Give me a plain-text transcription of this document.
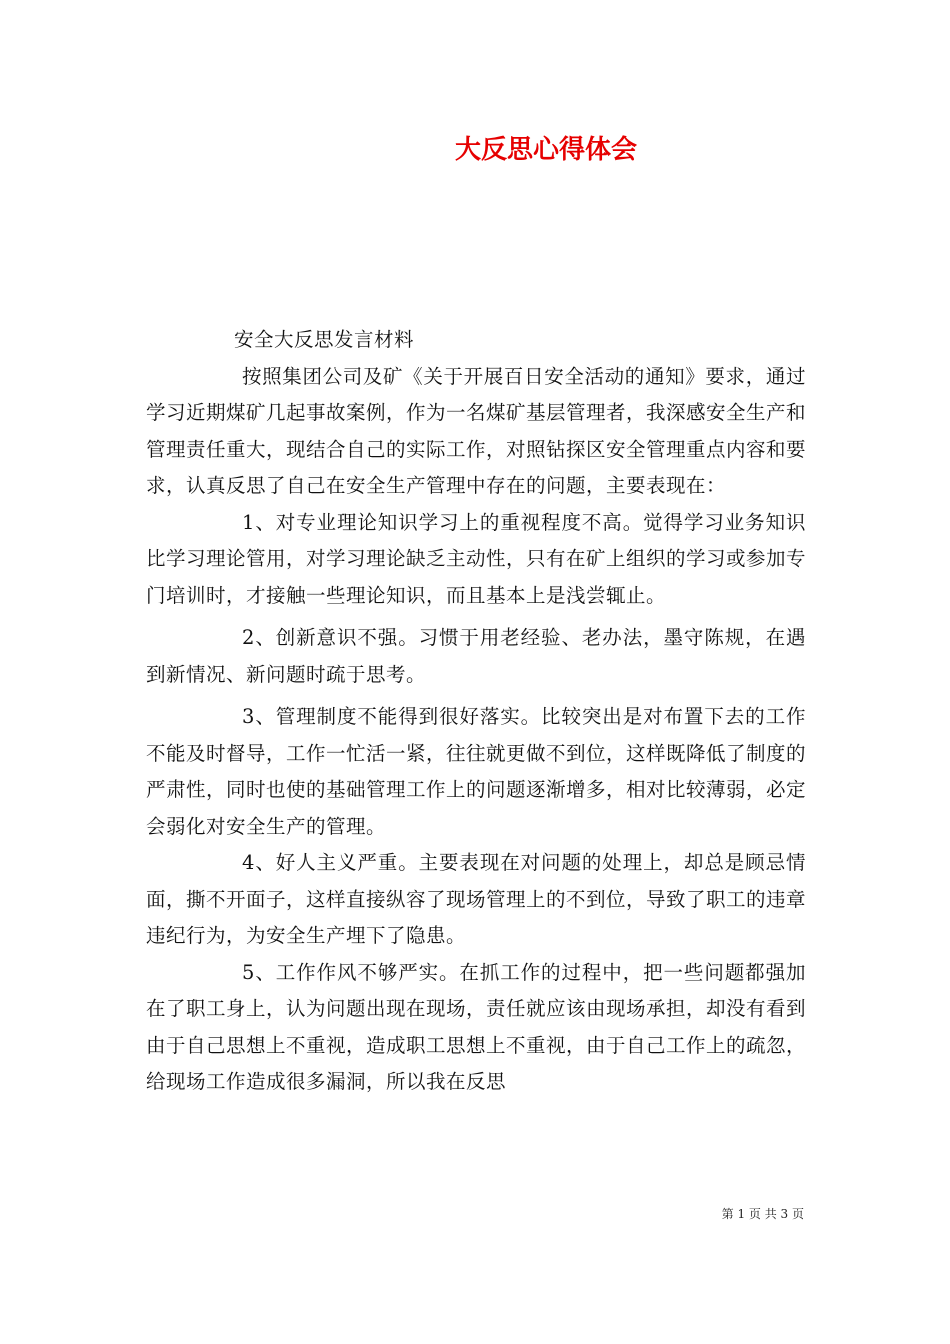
大反思心得体会

安全大反思发言材料

按照集团公司及矿《关于开展百日安全活动的通知》要求，通过学习近期煤矿几起事故案例，作为一名煤矿基层管理者，我深感安全生产和管理责任重大，现结合自己的实际工作，对照钻探区安全管理重点内容和要求，认真反思了自己在安全生产管理中存在的问题，主要表现在：

1、对专业理论知识学习上的重视程度不高。觉得学习业务知识比学习理论管用，对学习理论缺乏主动性，只有在矿上组织的学习或参加专门培训时，才接触一些理论知识，而且基本上是浅尝辄止。

2、创新意识不强。习惯于用老经验、老办法，墨守陈规，在遇到新情况、新问题时疏于思考。

3、管理制度不能得到很好落实。比较突出是对布置下去的工作不能及时督导，工作一忙活一紧，往往就更做不到位，这样既降低了制度的严肃性，同时也使的基础管理工作上的问题逐渐增多，相对比较薄弱，必定会弱化对安全生产的管理。

4、好人主义严重。主要表现在对问题的处理上，却总是顾忌情面，撕不开面子，这样直接纵容了现场管理上的不到位，导致了职工的违章违纪行为，为安全生产埋下了隐患。

5、工作作风不够严实。在抓工作的过程中，把一些问题都强加在了职工身上，认为问题出现在现场，责任就应该由现场承担，却没有看到由于自己思想上不重视，造成职工思想上不重视，由于自己工作上的疏忽，给现场工作造成很多漏洞，所以我在反思

第 1 页 共 3 页
